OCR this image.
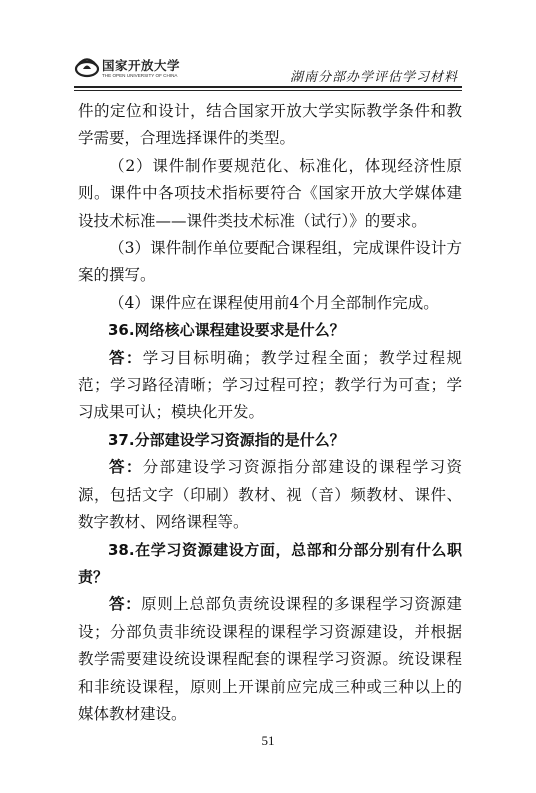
国家开放大学
THE OPEN UNIVERSITY OF CHINA	湖南分部办学评估学习材料

件的定位和设计，结合国家开放大学实际教学条件和教学需要，合理选择课件的类型。

（2）课件制作要规范化、标准化，体现经济性原则。课件中各项技术指标要符合《国家开放大学媒体建设技术标准——课件类技术标准（试行）》的要求。

（3）课件制作单位要配合课程组，完成课件设计方案的撰写。

（4）课件应在课程使用前4个月全部制作完成。

36.网络核心课程建设要求是什么？

答：学习目标明确；教学过程全面；教学过程规范；学习路径清晰；学习过程可控；教学行为可查；学习成果可认；模块化开发。

37.分部建设学习资源指的是什么？

答：分部建设学习资源指分部建设的课程学习资源，包括文字（印刷）教材、视（音）频教材、课件、数字教材、网络课程等。

38.在学习资源建设方面，总部和分部分别有什么职责？

答：原则上总部负责统设课程的多课程学习资源建设；分部负责非统设课程的课程学习资源建设，并根据教学需要建设统设课程配套的课程学习资源。统设课程和非统设课程，原则上开课前应完成三种或三种以上的媒体教材建设。

51
